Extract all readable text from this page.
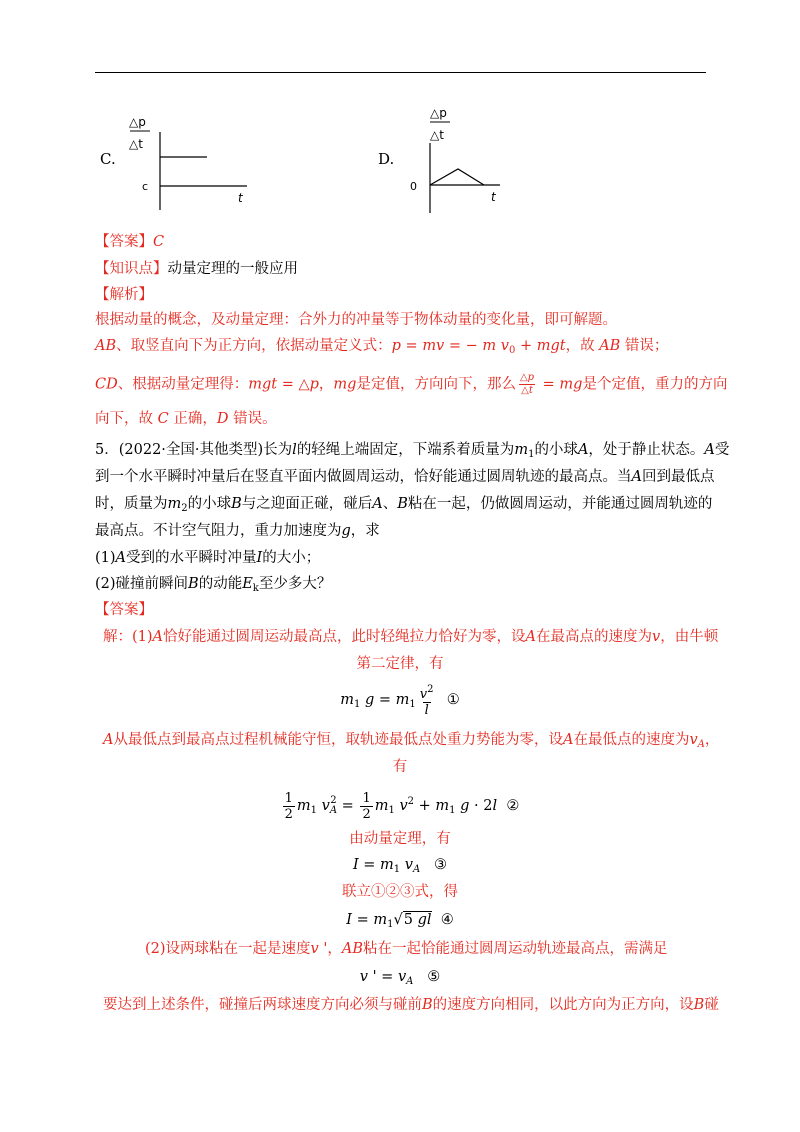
C.
△p
△t
c
t
D.
△p
△t
0
t
【答案】C
【知识点】动量定理的一般应用
【解析】
根据动量的概念，及动量定理：合外力的冲量等于物体动量的变化量，即可解题。
AB、取竖直向下为正方向，依据动量定义式：p = mv = − m $v_0$ + mgt，故 AB 错误；
CD、根据动量定理得：mgt = △p，mg是定值，方向向下，那么 $\frac{\triangle p}{\triangle t}$ = mg是个定值，重力的方向
向下，故 C 正确，D 错误。
5．(2022·全国·其他类型)长为l的轻绳上端固定，下端系着质量为$m_1$的小球A，处于静止状态。A受
到一个水平瞬时冲量后在竖直平面内做圆周运动，恰好能通过圆周轨迹的最高点。当A回到最低点
时，质量为$m_2$的小球B与之迎面正碰，碰后A、B粘在一起，仍做圆周运动，并能通过圆周轨迹的
最高点。不计空气阻力，重力加速度为g，求
(1)A受到的水平瞬时冲量I的大小；
(2)碰撞前瞬间B的动能$E_k$至少多大？
【答案】
解：(1)A恰好能通过圆周运动最高点，此时轻绳拉力恰好为零，设A在最高点的速度为v，由牛顿
第二定律，有
$m_1$ $g = m_1 \frac{v^2}{l}$ ①
A从最低点到最高点过程机械能守恒，取轨迹最低点处重力势能为零，设A在最低点的速度为$v_A$，
有
$\frac{1}{2} m_1$ v 2
$A = \frac{1}{2} m_1$ $v^2 + m_1$ g · 2l ②
由动量定理，有
$I = m_1$ $v_A$ ③
联立①②③式，得
$I = m_1√5$ gl ④
(2)设两球粘在一起是速度v '，AB粘在一起恰能通过圆周运动轨迹最高点，需满足
v ' = $v_A$ ⑤
要达到上述条件，碰撞后两球速度方向必须与碰前B的速度方向相同，以此方向为正方向，设B碰
